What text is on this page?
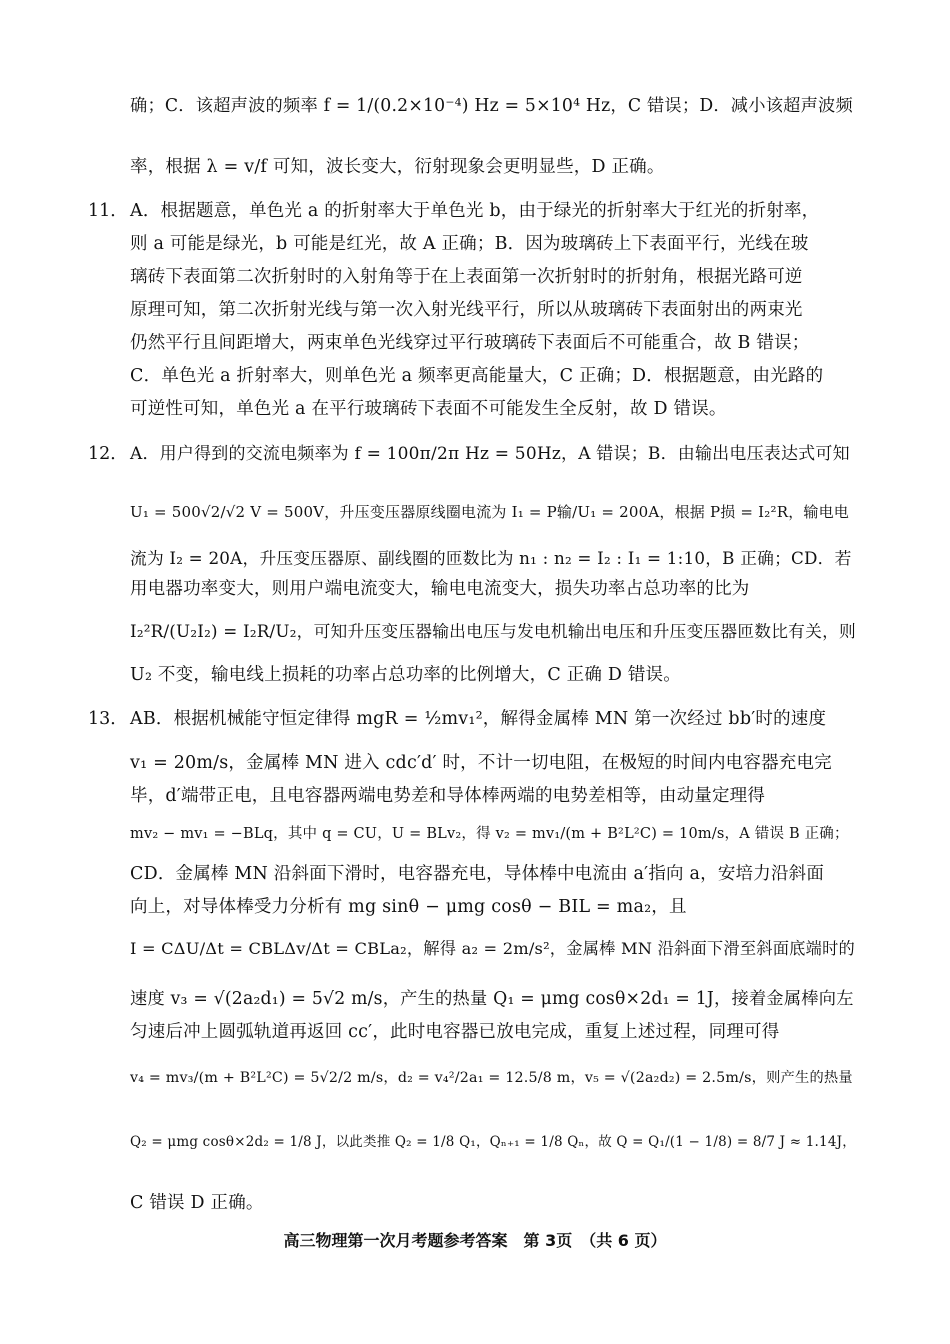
确；C．该超声波的频率 f = 1/(0.2×10⁻⁴) Hz = 5×10⁴ Hz，C 错误；D．减小该超声波频
率，根据 λ = v/f 可知，波长变大，衍射现象会更明显些，D 正确。
11． A．根据题意，单色光 a 的折射率大于单色光 b，由于绿光的折射率大于红光的折射率，
则 a 可能是绿光，b 可能是红光，故 A 正确；B．因为玻璃砖上下表面平行，光线在玻
璃砖下表面第二次折射时的入射角等于在上表面第一次折射时的折射角，根据光路可逆
原理可知，第二次折射光线与第一次入射光线平行，所以从玻璃砖下表面射出的两束光
仍然平行且间距增大，两束单色光线穿过平行玻璃砖下表面后不可能重合，故 B 错误；
C．单色光 a 折射率大，则单色光 a 频率更高能量大，C 正确；D．根据题意，由光路的
可逆性可知，单色光 a 在平行玻璃砖下表面不可能发生全反射，故 D 错误。
12． A．用户得到的交流电频率为 f = 100π/2π Hz = 50Hz，A 错误；B．由输出电压表达式可知
U₁ = 500√2/√2 V = 500V，升压变压器原线圈电流为 I₁ = P输/U₁ = 200A，根据 P损 = I₂²R，输电电
流为 I₂ = 20A，升压变压器原、副线圈的匝数比为 n₁ : n₂ = I₂ : I₁ = 1:10，B 正确；CD．若
用电器功率变大，则用户端电流变大，输电电流变大，损失功率占总功率的比为
I₂²R/(U₂I₂) = I₂R/U₂，可知升压变压器输出电压与发电机输出电压和升压变压器匝数比有关，则
U₂ 不变，输电线上损耗的功率占总功率的比例增大，C 正确 D 错误。
13． AB．根据机械能守恒定律得 mgR = ½mv₁²，解得金属棒 MN 第一次经过 bb′时的速度
v₁ = 20m/s，金属棒 MN 进入 cdc′d′ 时，不计一切电阻，在极短的时间内电容器充电完
毕，d′端带正电，且电容器两端电势差和导体棒两端的电势差相等，由动量定理得
mv₂ − mv₁ = −BLq，其中 q = CU，U = BLv₂，得 v₂ = mv₁/(m + B²L²C) = 10m/s，A 错误 B 正确；
CD．金属棒 MN 沿斜面下滑时，电容器充电，导体棒中电流由 a′指向 a，安培力沿斜面
向上，对导体棒受力分析有 mg sinθ − μmg cosθ − BIL = ma₂，且
I = CΔU/Δt = CBLΔv/Δt = CBLa₂，解得 a₂ = 2m/s²，金属棒 MN 沿斜面下滑至斜面底端时的
速度 v₃ = √(2a₂d₁) = 5√2 m/s，产生的热量 Q₁ = μmg cosθ×2d₁ = 1J，接着金属棒向左
匀速后冲上圆弧轨道再返回 cc′，此时电容器已放电完成，重复上述过程，同理可得
v₄ = mv₃/(m + B²L²C) = 5√2/2 m/s，d₂ = v₄²/2a₁ = 12.5/8 m，v₅ = √(2a₂d₂) = 2.5m/s，则产生的热量
Q₂ = μmg cosθ×2d₂ = 1/8 J，以此类推 Q₂ = 1/8 Q₁，Qₙ₊₁ = 1/8 Qₙ，故 Q = Q₁/(1 − 1/8) = 8/7 J ≈ 1.14J，
C 错误 D 正确。
高三物理第一次月考题参考答案　第 3页　（共 6 页）
